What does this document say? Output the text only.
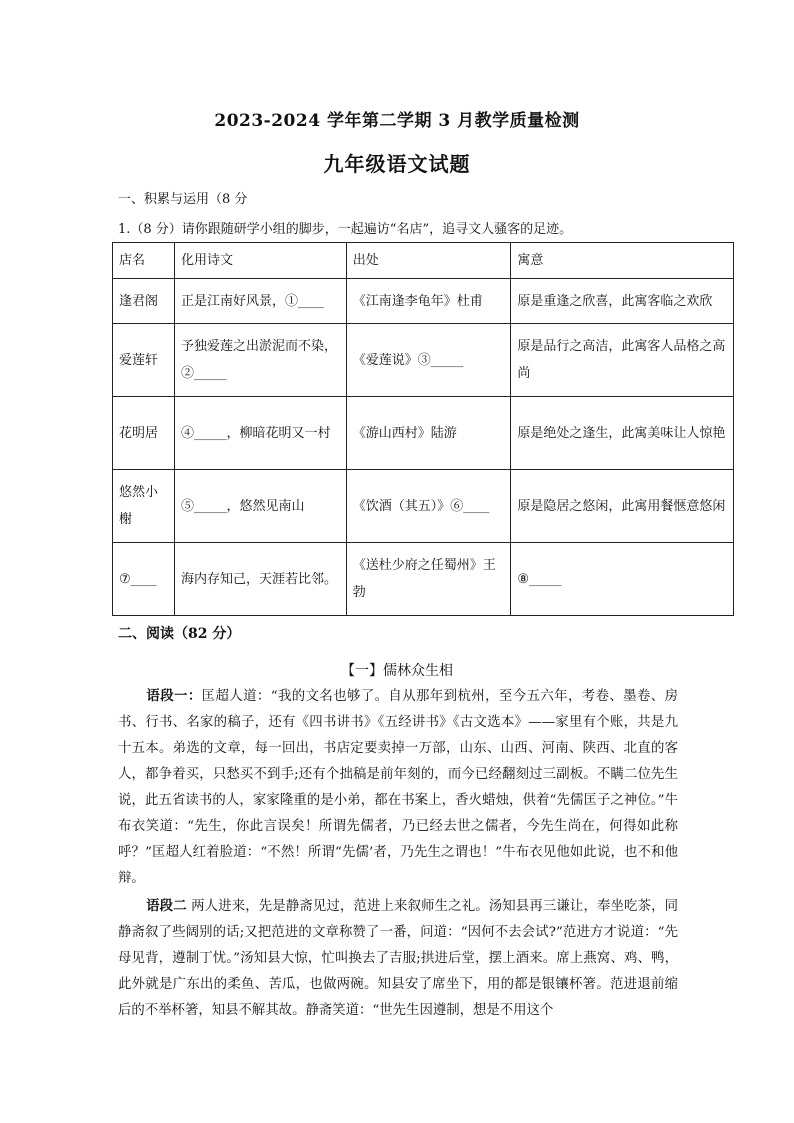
2023-2024 学年第二学期 3 月教学质量检测
九年级语文试题
一、积累与运用（8 分
1.（8 分）请你跟随研学小组的脚步，一起遍访“名店”，追寻文人骚客的足迹。
店名	化用诗文	出处	寓意
逢君阁	正是江南好风景，①____	《江南逢李龟年》杜甫	原是重逢之欣喜，此寓客临之欢欣
爱莲轩	予独爱莲之出淤泥而不染，②_____	《爱莲说》③_____	原是品行之高洁，此寓客人品格之高尚
花明居	④_____，柳暗花明又一村	《游山西村》陆游	原是绝处之逢生，此寓美味让人惊艳
悠然小榭	⑤_____，悠然见南山	《饮酒（其五）》⑥____	原是隐居之悠闲，此寓用餐惬意悠闲
⑦____	海内存知己，天涯若比邻。	《送杜少府之任蜀州》王勃	⑧_____
二、阅读（82 分）
【一】儒林众生相

语段一：匡超人道：“我的文名也够了。自从那年到杭州，至今五六年，考卷、墨卷、房书、行书、名家的稿子，还有《四书讲书》《五经讲书》《古文选本》——家里有个账，共是九十五本。弟选的文章，每一回出，书店定要卖掉一万部，山东、山西、河南、陕西、北直的客人，都争着买，只愁买不到手;还有个拙稿是前年刻的，而今已经翻刻过三副板。不瞒二位先生说，此五省读书的人，家家隆重的是小弟，都在书案上，香火蜡烛，供着“先儒匡子之神位。”牛布衣笑道：“先生，你此言误矣！所谓先儒者，乃已经去世之儒者，今先生尚在，何得如此称呼？”匡超人红着脸道：“不然！所谓“先儒’者，乃先生之谓也！”牛布衣见他如此说，也不和他辩。

语段二 两人进来，先是静斋见过，范进上来叙师生之礼。汤知县再三谦让，奉坐吃茶，同静斋叙了些阔别的话;又把范进的文章称赞了一番，问道：“因何不去会试?”范进方才说道：“先母见背，遵制丁忧。”汤知县大惊，忙叫换去了吉服;拱进后堂，摆上酒来。席上燕窝、鸡、鸭，此外就是广东出的柔鱼、苦瓜，也做两碗。知县安了席坐下，用的都是银镶杯箸。范进退前缩后的不举杯箸，知县不解其故。静斋笑道：“世先生因遵制，想是不用这个
